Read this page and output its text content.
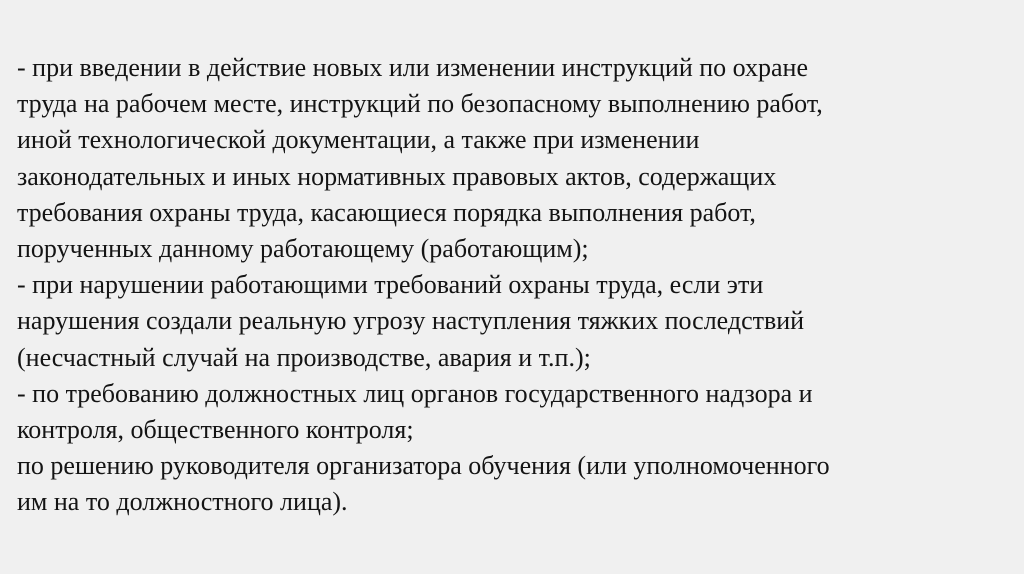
- при введении в действие новых или изменении инструкций по охране
труда на рабочем месте, инструкций по безопасному выполнению работ,
иной технологической документации, а также при изменении
законодательных и иных нормативных правовых актов, содержащих
требования охраны труда, касающиеся порядка выполнения работ,
порученных данному работающему (работающим);
- при нарушении работающими требований охраны труда, если эти
нарушения создали реальную угрозу наступления тяжких последствий
(несчастный случай на производстве, авария и т.п.);
- по требованию должностных лиц органов государственного надзора и
контроля, общественного контроля;
по решению руководителя организатора обучения (или уполномоченного
им на то должностного лица).
